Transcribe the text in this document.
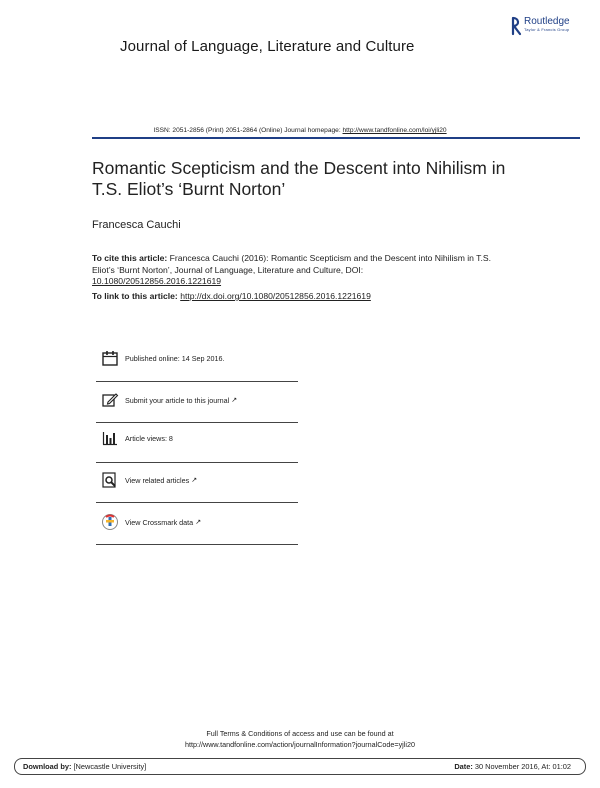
Journal of Language, Literature and Culture
Routledge
Taylor & Francis Group
ISSN: 2051-2856 (Print) 2051-2864 (Online) Journal homepage: http://www.tandfonline.com/loi/yjli20
Romantic Scepticism and the Descent into Nihilism in T.S. Eliot’s ‘Burnt Norton’
Francesca Cauchi
To cite this article: Francesca Cauchi (2016): Romantic Scepticism and the Descent into Nihilism in T.S. Eliot’s ‘Burnt Norton’, Journal of Language, Literature and Culture, DOI: 10.1080/20512856.2016.1221619
To link to this article: http://dx.doi.org/10.1080/20512856.2016.1221619
Published online: 14 Sep 2016.
Submit your article to this journal ↗
Article views: 8
View related articles ↗
View Crossmark data ↗
Full Terms & Conditions of access and use can be found at
http://www.tandfonline.com/action/journalInformation?journalCode=yjli20
Download by: [Newcastle University]	Date: 30 November 2016, At: 01:02
